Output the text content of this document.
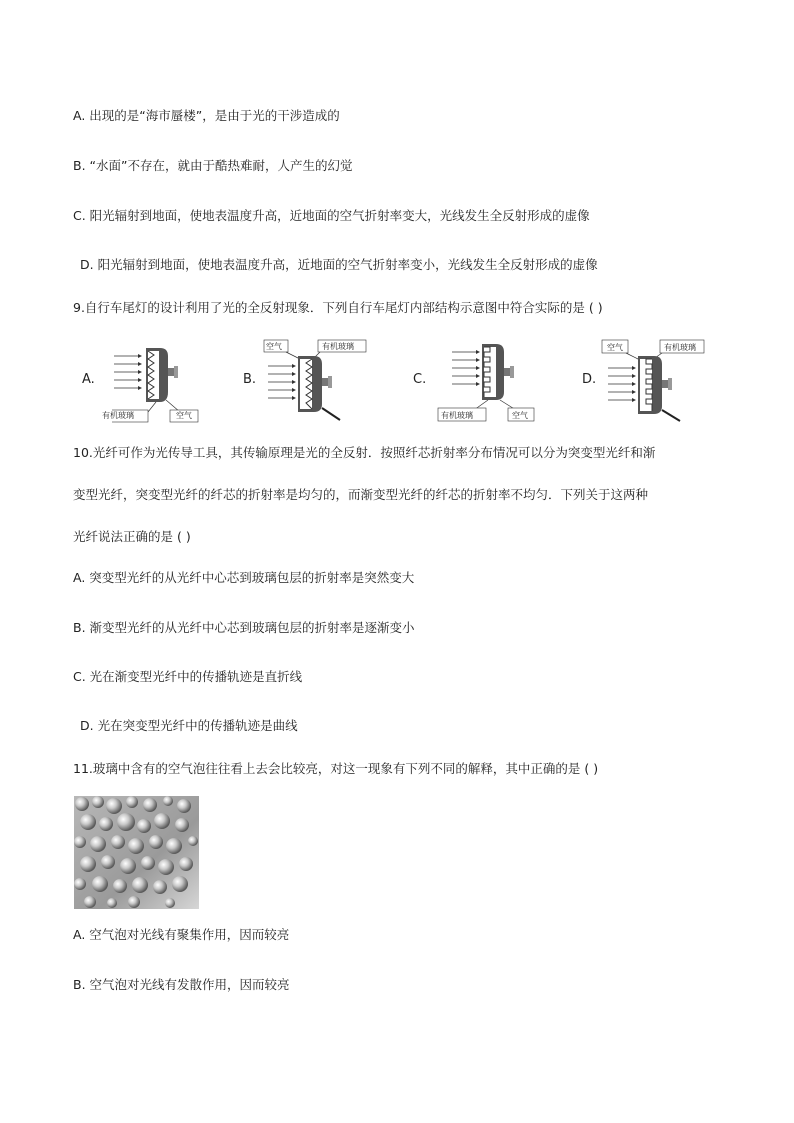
A. 出现的是“海市蜃楼”，是由于光的干涉造成的
B. “水面”不存在，就由于酷热难耐，人产生的幻觉
C. 阳光辐射到地面，使地表温度升高，近地面的空气折射率变大，光线发生全反射形成的虚像
D. 阳光辐射到地面，使地表温度升高，近地面的空气折射率变小，光线发生全反射形成的虚像
9.自行车尾灯的设计利用了光的全反射现象．下列自行车尾灯内部结构示意图中符合实际的是 ( )
A.	B.	C.	D.
有机玻璃	空气
空气	有机玻璃
有机玻璃	空气
空气	有机玻璃
10.光纤可作为光传导工具，其传输原理是光的全反射．按照纤芯折射率分布情况可以分为突变型光纤和渐
变型光纤，突变型光纤的纤芯的折射率是均匀的，而渐变型光纤的纤芯的折射率不均匀．下列关于这两种
光纤说法正确的是 ( )
A. 突变型光纤的从光纤中心芯到玻璃包层的折射率是突然变大
B. 渐变型光纤的从光纤中心芯到玻璃包层的折射率是逐渐变小
C. 光在渐变型光纤中的传播轨迹是直折线
D. 光在突变型光纤中的传播轨迹是曲线
11.玻璃中含有的空气泡往往看上去会比较亮，对这一现象有下列不同的解释，其中正确的是 ( )
A. 空气泡对光线有聚集作用，因而较亮
B. 空气泡对光线有发散作用，因而较亮
